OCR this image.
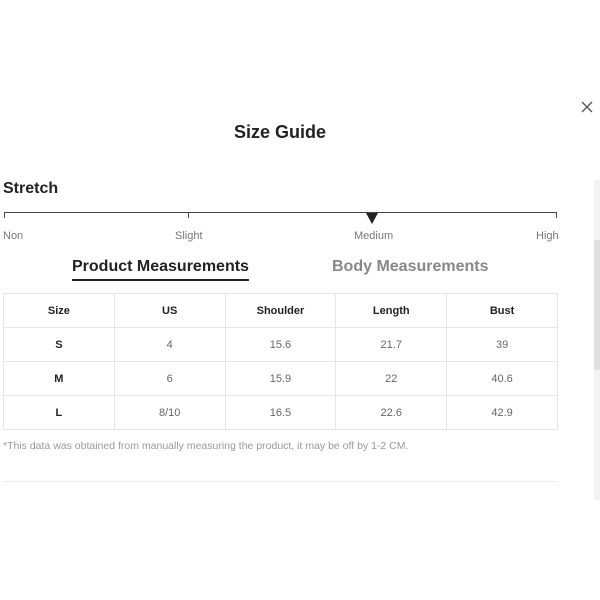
Size Guide
Stretch
Non	Slight	Medium	High
Product Measurements	Body Measurements
Size	US	Shoulder	Length	Bust
S	4	15.6	21.7	39
M	6	15.9	22	40.6
L	8/10	16.5	22.6	42.9
*This data was obtained from manually measuring the product, it may be off by 1-2 CM.
